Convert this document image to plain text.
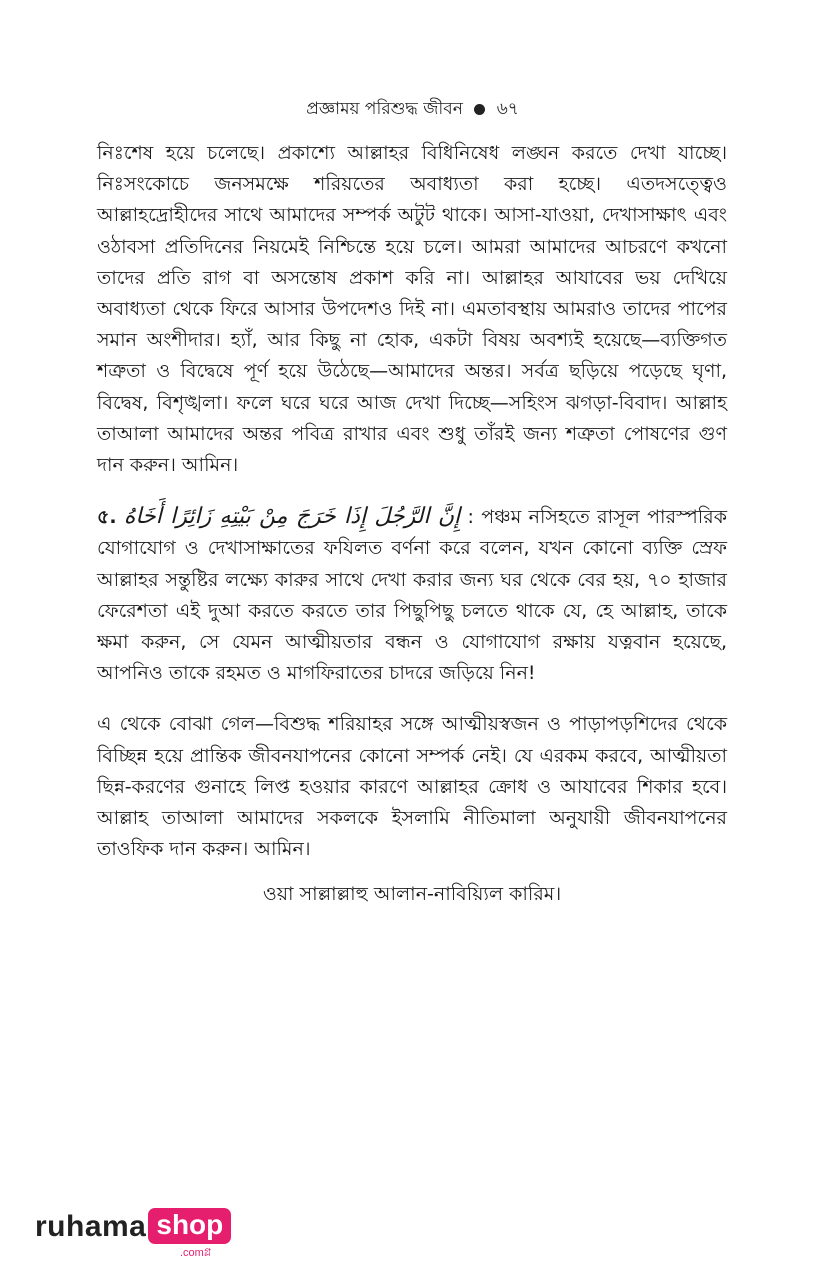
প্রজ্ঞাময় পরিশুদ্ধ জীবন ৬৭

নিঃশেষ হয়ে চলেছে। প্রকাশ্যে আল্লাহর বিধিনিষেধ লঙ্ঘন করতে দেখা যাচ্ছে। নিঃসংকোচে জনসমক্ষে শরিয়তের অবাধ্যতা করা হচ্ছে। এতদসত্ত্বেও আল্লাহদ্রোহীদের সাথে আমাদের সম্পর্ক অটুট থাকে। আসা-যাওয়া, দেখাসাক্ষাৎ এবং ওঠাবসা প্রতিদিনের নিয়মেই নিশ্চিন্তে হয়ে চলে। আমরা আমাদের আচরণে কখনো তাদের প্রতি রাগ বা অসন্তোষ প্রকাশ করি না। আল্লাহর আযাবের ভয় দেখিয়ে অবাধ্যতা থেকে ফিরে আসার উপদেশও দিই না। এমতাবস্থায় আমরাও তাদের পাপের সমান অংশীদার। হ্যাঁ, আর কিছু না হোক, একটা বিষয় অবশ্যই হয়েছে—ব্যক্তিগত শত্রুতা ও বিদ্বেষে পূর্ণ হয়ে উঠেছে—আমাদের অন্তর। সর্বত্র ছড়িয়ে পড়েছে ঘৃণা, বিদ্বেষ, বিশৃঙ্খলা। ফলে ঘরে ঘরে আজ দেখা দিচ্ছে—সহিংস ঝগড়া-বিবাদ। আল্লাহ তাআলা আমাদের অন্তর পবিত্র রাখার এবং শুধু তাঁরই জন্য শত্রুতা পোষণের গুণ দান করুন। আমিন।

৫. إِنَّ الرَّجُلَ إِذَا خَرَجَ مِنْ بَيْتِهِ زَائِرًا أَخَاهُ : পঞ্চম নসিহতে রাসূল পারস্পরিক যোগাযোগ ও দেখাসাক্ষাতের ফযিলত বর্ণনা করে বলেন, যখন কোনো ব্যক্তি স্রেফ আল্লাহর সন্তুষ্টির লক্ষ্যে কারুর সাথে দেখা করার জন্য ঘর থেকে বের হয়, ৭০ হাজার ফেরেশতা এই দুআ করতে করতে তার পিছুপিছু চলতে থাকে যে, হে আল্লাহ, তাকে ক্ষমা করুন, সে যেমন আত্মীয়তার বন্ধন ও যোগাযোগ রক্ষায় যত্নবান হয়েছে, আপনিও তাকে রহমত ও মাগফিরাতের চাদরে জড়িয়ে নিন!

এ থেকে বোঝা গেল—বিশুদ্ধ শরিয়াহর সঙ্গে আত্মীয়স্বজন ও পাড়াপড়শিদের থেকে বিচ্ছিন্ন হয়ে প্রান্তিক জীবনযাপনের কোনো সম্পর্ক নেই। যে এরকম করবে, আত্মীয়তা ছিন্ন-করণের গুনাহে লিপ্ত হওয়ার কারণে আল্লাহর ক্রোধ ও আযাবের শিকার হবে। আল্লাহ তাআলা আমাদের সকলকে ইসলামি নীতিমালা অনুযায়ী জীবনযাপনের তাওফিক দান করুন। আমিন।

ওয়া সাল্লাল্লাহু আলান-নাবিয়্যিল কারিম।
ruhama shop
.comগ্ল
